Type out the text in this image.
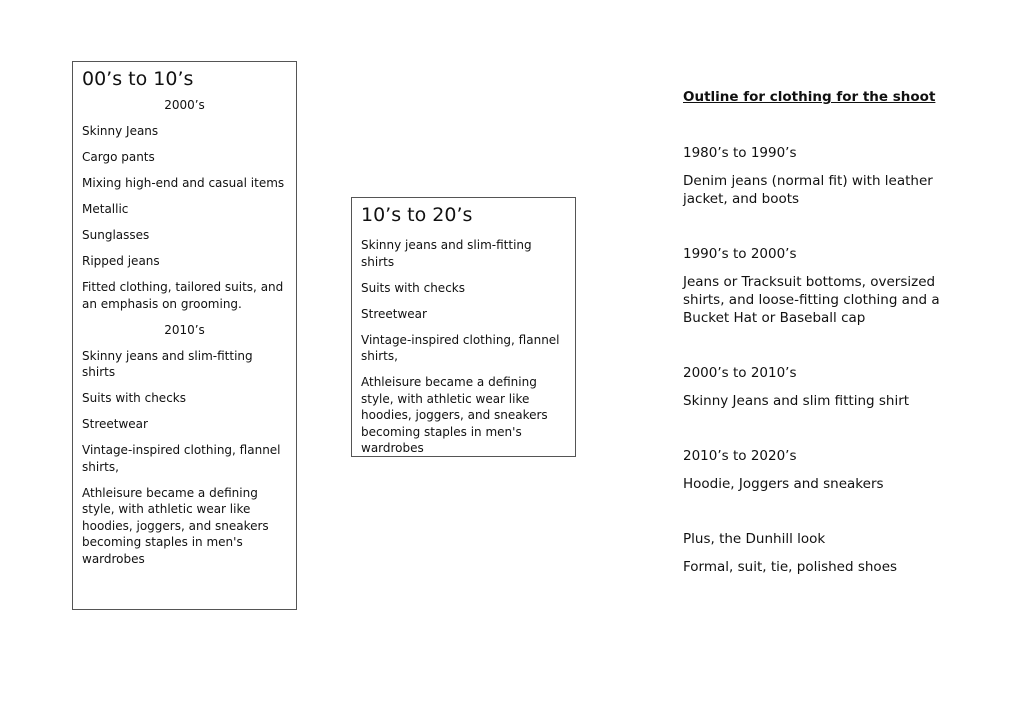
00’s to 10’s
2000’s
Skinny Jeans
Cargo pants
Mixing high-end and casual items
Metallic
Sunglasses
Ripped jeans
Fitted clothing, tailored suits, and an emphasis on grooming.
2010’s
Skinny jeans and slim-fitting shirts
Suits with checks
Streetwear
Vintage-inspired clothing, flannel shirts,
Athleisure became a defining style, with athletic wear like hoodies, joggers, and sneakers becoming staples in men's wardrobes
10’s to 20’s
Skinny jeans and slim-fitting shirts
Suits with checks
Streetwear
Vintage-inspired clothing, flannel shirts,
Athleisure became a defining style, with athletic wear like hoodies, joggers, and sneakers becoming staples in men's wardrobes
Outline for clothing for the shoot
1980’s to 1990’s
Denim jeans (normal fit) with leather jacket, and boots
1990’s to 2000’s
Jeans or Tracksuit bottoms, oversized shirts, and loose-fitting clothing and a Bucket Hat or Baseball cap
2000’s to 2010’s
Skinny Jeans and slim fitting shirt
2010’s to 2020’s
Hoodie, Joggers and sneakers
Plus, the Dunhill look
Formal, suit, tie, polished shoes
